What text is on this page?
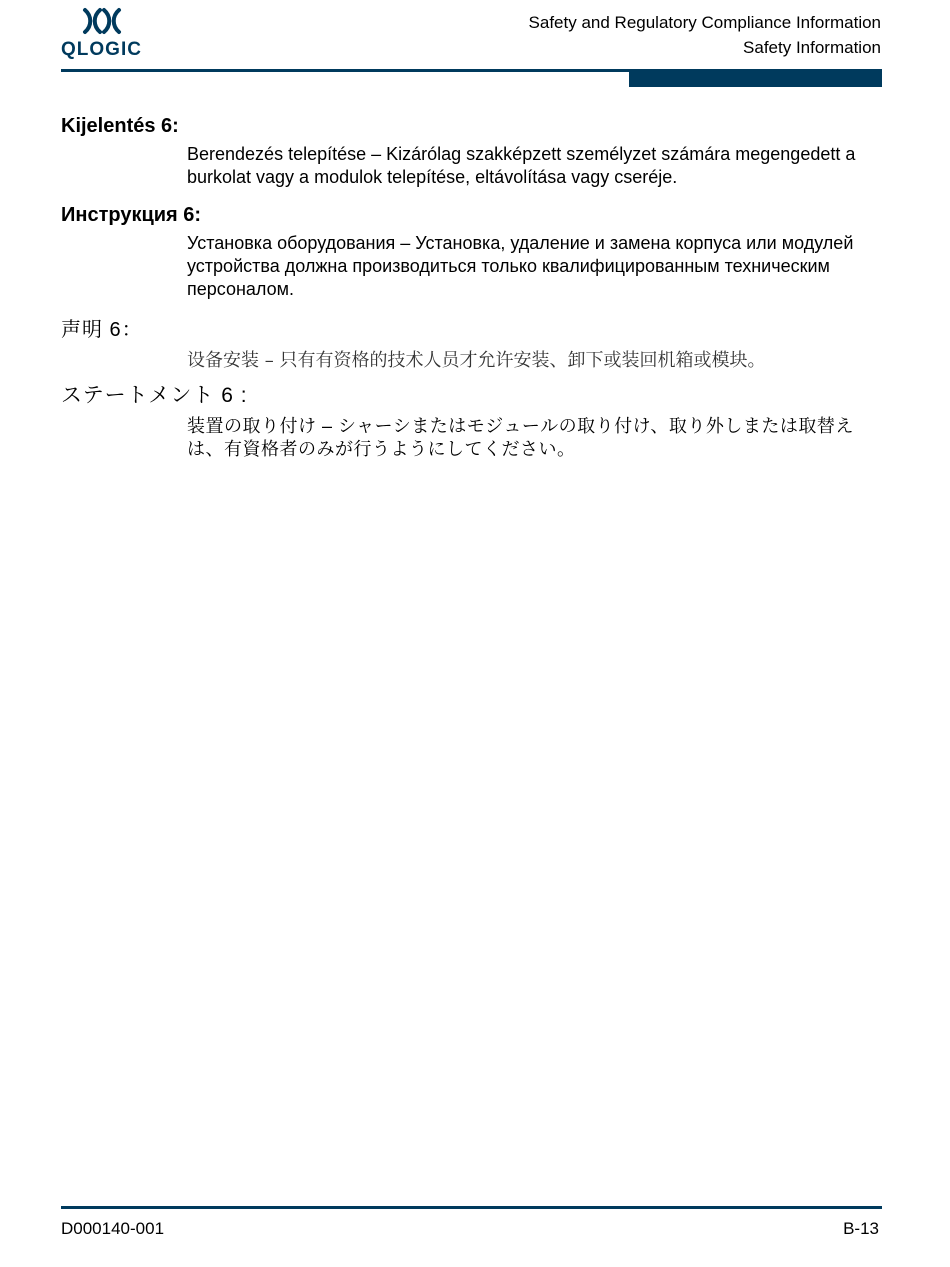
QLOGIC
Safety and Regulatory Compliance Information
Safety Information

Kijelentés 6:

Berendezés telepítése – Kizárólag szakképzett személyzet számára megengedett a burkolat vagy a modulok telepítése, eltávolítása vagy cseréje.

Инструкция 6:

Установка оборудования – Установка, удаление и замена корпуса или модулей устройства должна производиться только квалифицированным техническим персоналом.

声明 6：

设备安装 – 只有有资格的技术人员才允许安装、卸下或装回机箱或模块。

ステートメント 6 :

装置の取り付け – シャーシまたはモジュールの取り付け、取り外しまたは取替えは、有資格者のみが行うようにしてください。

D000140-001	B-13
